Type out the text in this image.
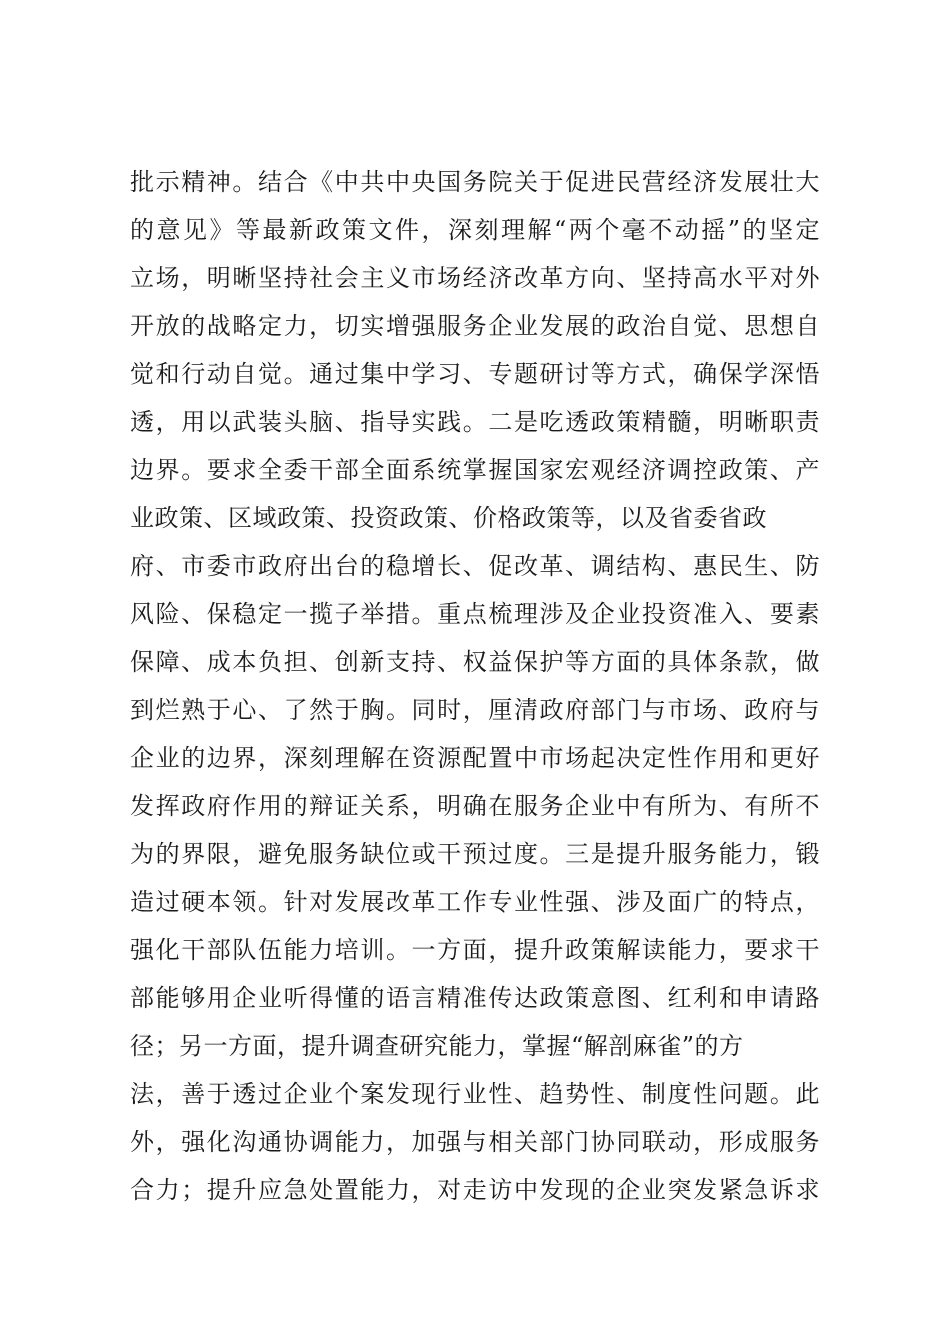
批示精神。结合《中共中央国务院关于促进民营经济发展壮大
的意见》等最新政策文件，深刻理解“两个毫不动摇”的坚定
立场，明晰坚持社会主义市场经济改革方向、坚持高水平对外
开放的战略定力，切实增强服务企业发展的政治自觉、思想自
觉和行动自觉。通过集中学习、专题研讨等方式，确保学深悟
透，用以武装头脑、指导实践。二是吃透政策精髓，明晰职责
边界。要求全委干部全面系统掌握国家宏观经济调控政策、产
业政策、区域政策、投资政策、价格政策等，以及省委省政
府、市委市政府出台的稳增长、促改革、调结构、惠民生、防
风险、保稳定一揽子举措。重点梳理涉及企业投资准入、要素
保障、成本负担、创新支持、权益保护等方面的具体条款，做
到烂熟于心、了然于胸。同时，厘清政府部门与市场、政府与
企业的边界，深刻理解在资源配置中市场起决定性作用和更好
发挥政府作用的辩证关系，明确在服务企业中有所为、有所不
为的界限，避免服务缺位或干预过度。三是提升服务能力，锻
造过硬本领。针对发展改革工作专业性强、涉及面广的特点，
强化干部队伍能力培训。一方面，提升政策解读能力，要求干
部能够用企业听得懂的语言精准传达政策意图、红利和申请路
径；另一方面，提升调查研究能力，掌握“解剖麻雀”的方
法，善于透过企业个案发现行业性、趋势性、制度性问题。此
外，强化沟通协调能力，加强与相关部门协同联动，形成服务
合力；提升应急处置能力，对走访中发现的企业突发紧急诉求
